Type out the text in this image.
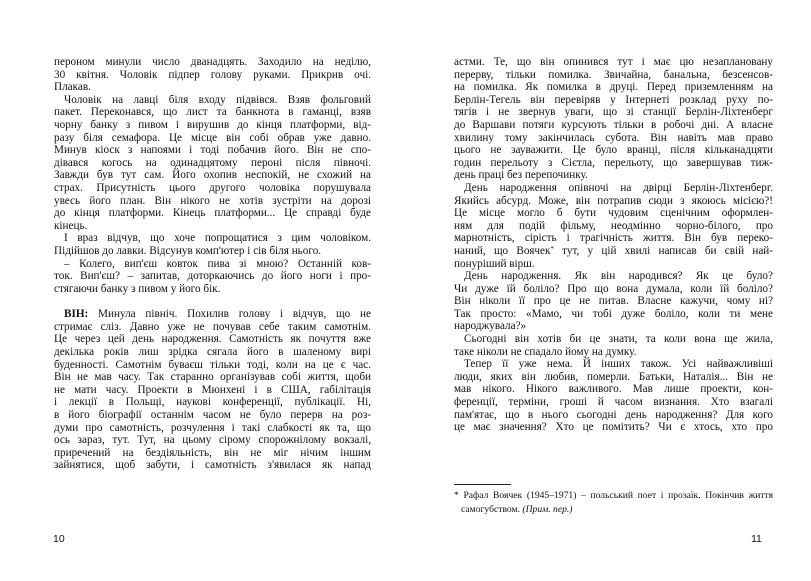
пероном минули число дванадцять. Заходило на неділю,
30 квітня. Чоловік підпер голову руками. Прикрив очі.
Плакав.
Чоловік на лавці біля входу підвівся. Взяв фольговий
пакет. Переконався, що лист та банкнота в гаманці, взяв
чорну банку з пивом і вирушив до кінця платформи, від-
разу біля семафора. Це місце він собі обрав уже давно.
Минув кіоск з напоями і тоді побачив його. Він не спо-
дівався когось на одинадцятому пероні після півночі.
Завжди був тут сам. Його охопив неспокій, не схожий на
страх. Присутність цього другого чоловіка порушувала
увесь його план. Він нікого не хотів зустріти на дорозі
до кінця платформи. Кінець платформи... Це справді буде
кінець.
І враз відчув, що хоче попрощатися з цим чоловіком.
Підійшов до лавки. Відсунув комп'ютер і сів біля нього.
– Колего, вип'єш ковток пива зі мною? Останній ков-
ток. Вип'єш? – запитав, доторкаючись до його ноги і про-
стягаючи банку з пивом у його бік.
ВІН: Минула північ. Похилив голову і відчув, що не
стримає сліз. Давно уже не почував себе таким самотнім.
Це через цей день народження. Самотність як почуття вже
декілька років лиш зрідка сягала його в шаленому вирі
буденності. Самотнім буваєш тільки тоді, коли на це є час.
Він не мав часу. Так старанно організував собі життя, щоби
не мати часу. Проекти в Мюнхені і в США, габілітація
і лекції в Польщі, наукові конференції, публікації. Ні,
в його біографії останнім часом не було перерв на роз-
думи про самотність, розчулення і такі слабкості як та, що
ось зараз, тут. Тут, на цьому сірому спорожнілому вокзалі,
приречений на бездіяльність, він не міг нічим іншим
зайнятися, щоб забути, і самотність з'явилася як напад
10
астми. Те, що він опинився тут і має цю незаплановану
перерву, тільки помилка. Звичайна, банальна, безсенсов-
на помилка. Як помилка в друці. Перед приземленням на
Берлін-Тегель він перевіряв у Інтернеті розклад руху по-
тягів і не звернув уваги, що зі станції Берлін-Ліхтенберг
до Варшави потяги курсують тільки в робочі дні. А власне
хвилину тому закінчилась субота. Він навіть мав право
цього не зауважити. Це було вранці, після кільканадцяти
годин перельоту з Сієтла, перельоту, що завершував тиж-
день праці без перепочинку.
День народження опівночі на двірці Берлін-Ліхтенберг.
Якийсь абсурд. Може, він потрапив сюди з якоюсь місією?!
Це місце могло б бути чудовим сценічним оформлен-
ням для подій фільму, неодмінно чорно-білого, про
марнотність, сірість і трагічність життя. Він був переко-
наний, що Воячек* тут, у цій хвилі написав би свій най-
понуріший вірш.
День народження. Як він народився? Як це було?
Чи дуже їй боліло? Про що вона думала, коли їй боліло?
Він ніколи її про це не питав. Власне кажучи, чому ні?
Так просто: «Мамо, чи тобі дуже боліло, коли ти мене
народжувала?»
Сьогодні він хотів би це знати, та коли вона ще жила,
таке ніколи не спадало йому на думку.
Тепер її уже нема. Й інших також. Усі найважливіші
люди, яких він любив, померли. Батьки, Наталія... Він не
мав нікого. Нікого важливого. Мав лише проекти, кон-
ференції, терміни, гроші й часом визнання. Хто взагалі
пам'ятає, що в нього сьогодні день народження? Для кого
це має значення? Хто це помітить? Чи є хтось, хто про
* Рафал Воячек (1945–1971) – польський поет і прозаїк. Покінчив життя
самогубством. (Прим. пер.)
11
